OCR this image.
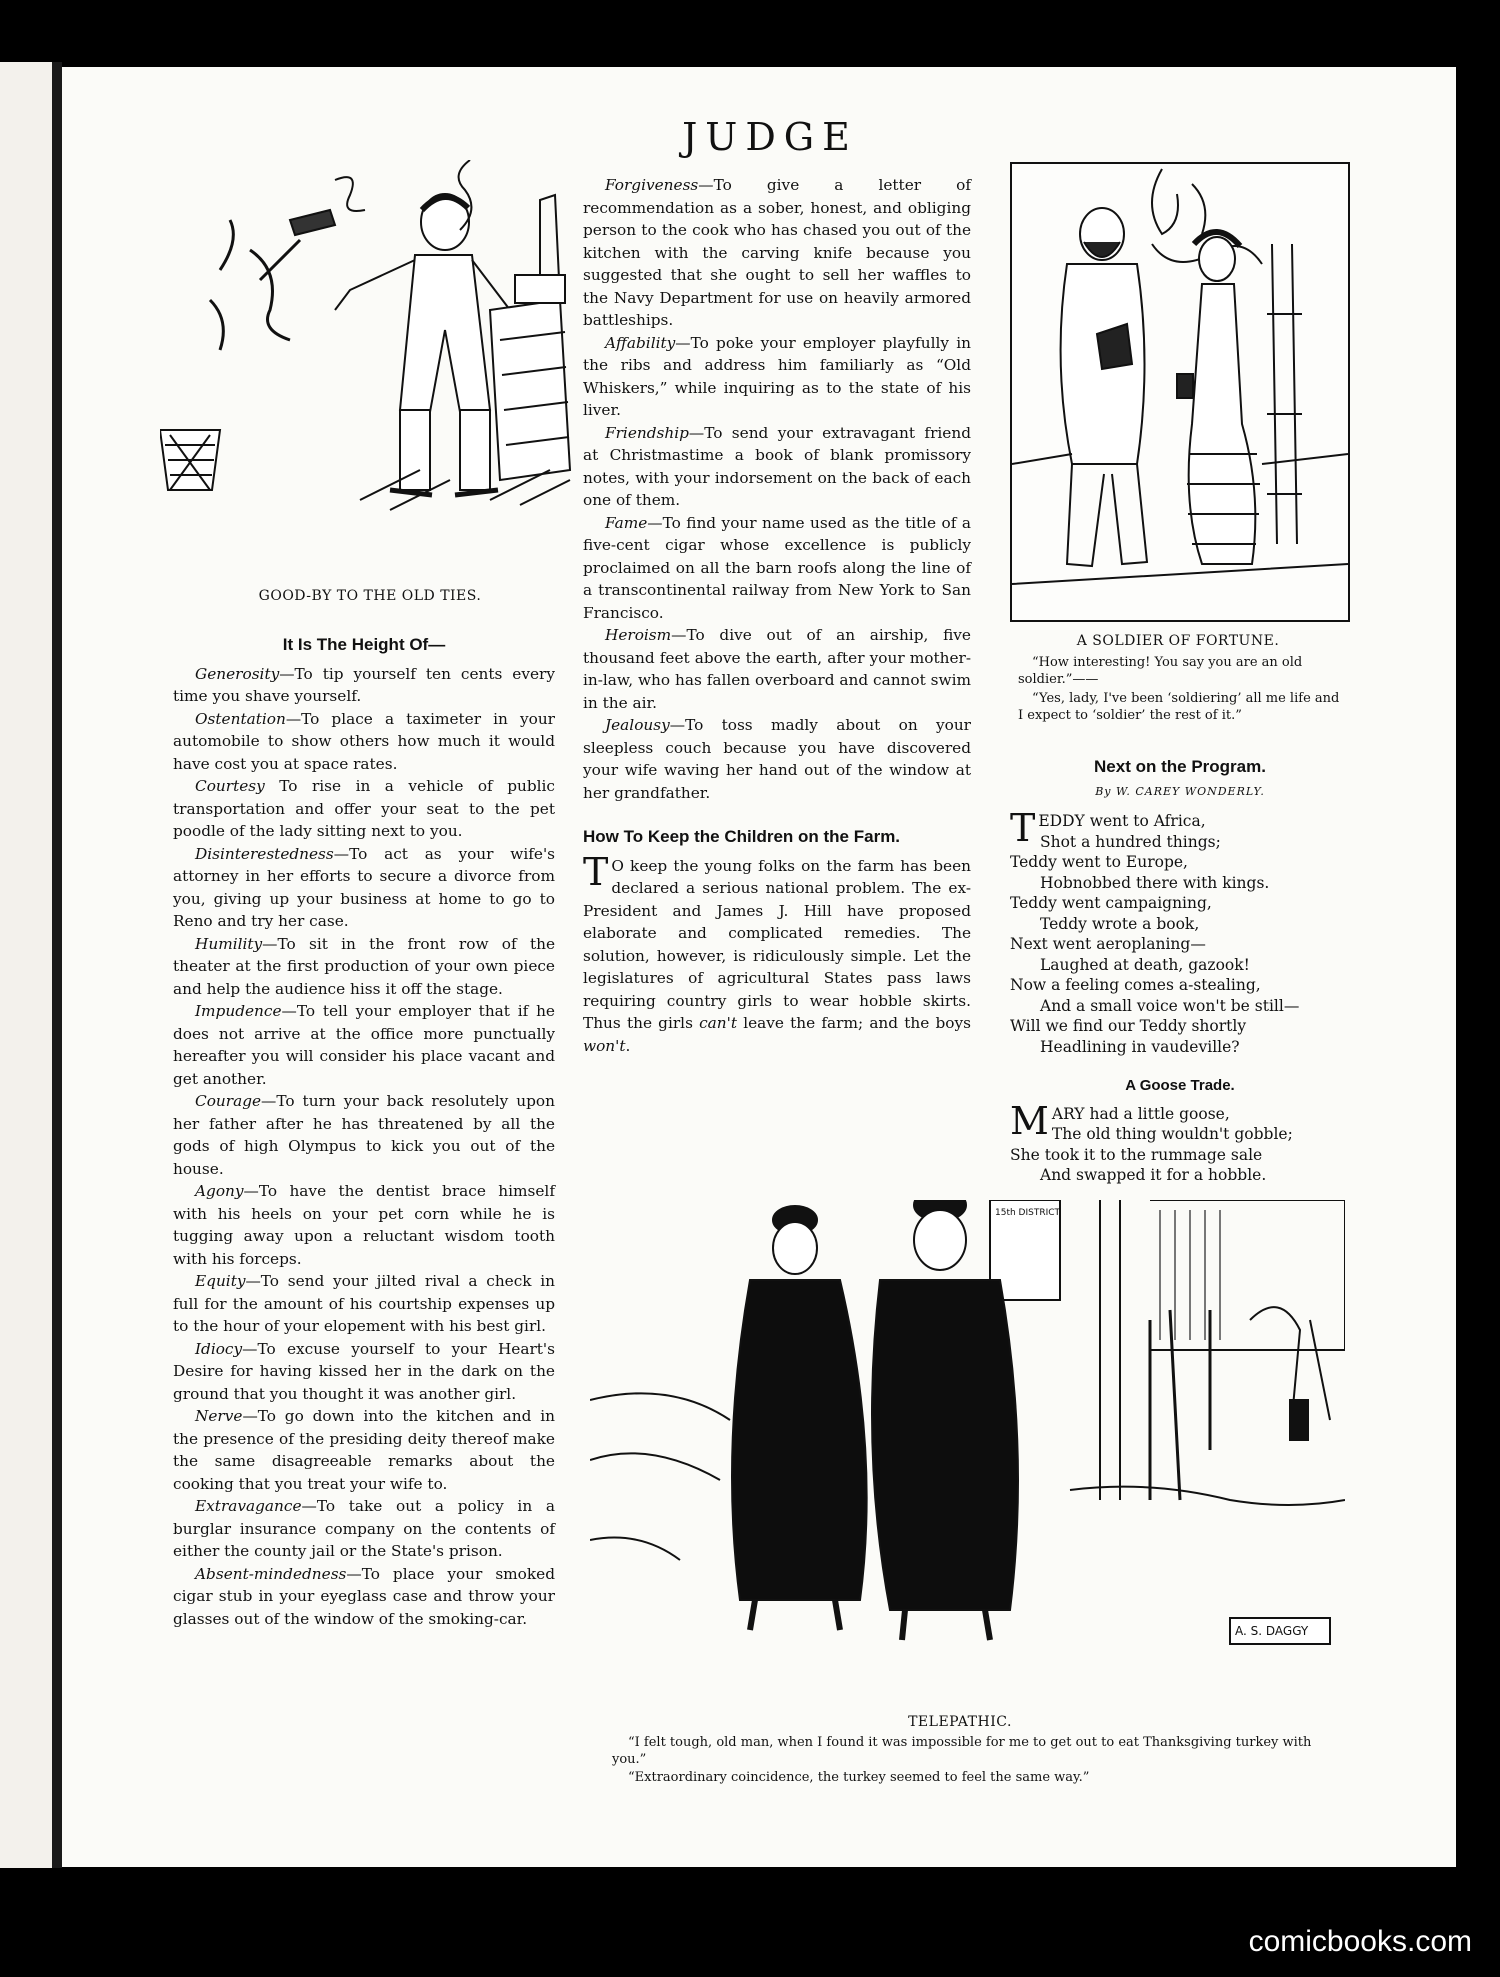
JUDGE
GOOD-BY TO THE OLD TIES.
It Is The Height Of—

Generosity—To tip yourself ten cents every time you shave yourself.

Ostentation—To place a taximeter in your automobile to show others how much it would have cost you at space rates.

Courtesy To rise in a vehicle of public transportation and offer your seat to the pet poodle of the lady sitting next to you.

Disinterestedness—To act as your wife's attorney in her efforts to secure a divorce from you, giving up your business at home to go to Reno and try her case.

Humility—To sit in the front row of the theater at the first production of your own piece and help the audience hiss it off the stage.

Impudence—To tell your employer that if he does not arrive at the office more punctually hereafter you will consider his place vacant and get another.

Courage—To turn your back resolutely upon her father after he has threatened by all the gods of high Olympus to kick you out of the house.

Agony—To have the dentist brace himself with his heels on your pet corn while he is tugging away upon a reluctant wisdom tooth with his forceps.

Equity—To send your jilted rival a check in full for the amount of his courtship expenses up to the hour of your elopement with his best girl.

Idiocy—To excuse yourself to your Heart's Desire for having kissed her in the dark on the ground that you thought it was another girl.

Nerve—To go down into the kitchen and in the presence of the presiding deity thereof make the same disagreeable remarks about the cooking that you treat your wife to.

Extravagance—To take out a policy in a burglar insurance company on the contents of either the county jail or the State's prison.

Absent-mindedness—To place your smoked cigar stub in your eyeglass case and throw your glasses out of the window of the smoking-car.

Forgiveness—To give a letter of recommendation as a sober, honest, and obliging person to the cook who has chased you out of the kitchen with the carving knife because you suggested that she ought to sell her waffles to the Navy Department for use on heavily armored battleships.

Affability—To poke your employer playfully in the ribs and address him familiarly as “Old Whiskers,” while inquiring as to the state of his liver.

Friendship—To send your extravagant friend at Christmastime a book of blank promissory notes, with your indorsement on the back of each one of them.

Fame—To find your name used as the title of a five-cent cigar whose excellence is publicly proclaimed on all the barn roofs along the line of a transcontinental railway from New York to San Francisco.

Heroism—To dive out of an airship, five thousand feet above the earth, after your mother-in-law, who has fallen overboard and cannot swim in the air.

Jealousy—To toss madly about on your sleepless couch because you have discovered your wife waving her hand out of the window at her grandfather.

How To Keep the Children on the Farm.
T O keep the young folks on the farm has been declared a serious national problem. The ex-President and James J. Hill have proposed elaborate and complicated remedies. The solution, however, is ridiculously simple. Let the legislatures of agricultural States pass laws requiring country girls to wear hobble skirts. Thus the girls can't leave the farm; and the boys won't.
A SOLDIER OF FORTUNE.
“How interesting! You say you are an old soldier.”——
“Yes, lady, I've been ‘soldiering’ all me life and I expect to ‘soldier’ the rest of it.”
Next on the Program.
By W. CAREY WONDERLY.
T EDDY went to Africa,
Shot a hundred things;
Teddy went to Europe,
Hobnobbed there with kings.
Teddy went campaigning,
Teddy wrote a book,
Next went aeroplaning—
Laughed at death, gazook!
Now a feeling comes a-stealing,
And a small voice won't be still—
Will we find our Teddy shortly
Headlining in vaudeville?
A Goose Trade.
M ARY had a little goose,
The old thing wouldn't gobble;
She took it to the rummage sale
And swapped it for a hobble.
15th DISTRICT
A. S. DAGGY
TELEPATHIC.
“I felt tough, old man, when I found it was impossible for me to get out to eat Thanksgiving turkey with you.”
“Extraordinary coincidence, the turkey seemed to feel the same way.”
comicbooks.com
